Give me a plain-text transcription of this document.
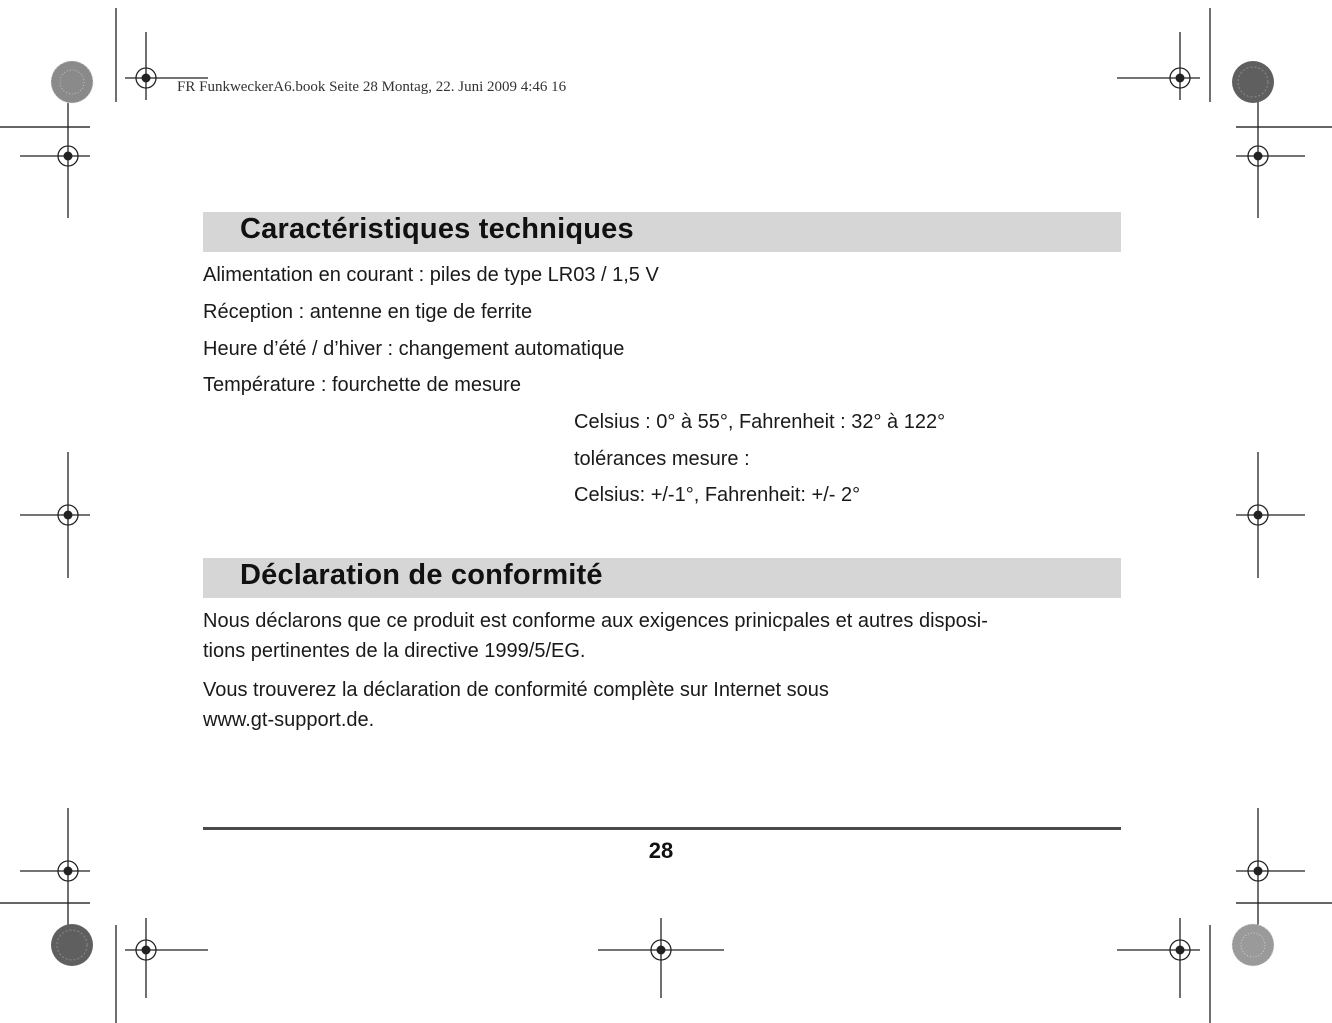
FR FunkweckerA6.book Seite 28 Montag, 22. Juni 2009 4:46 16
Caractéristiques techniques
Alimentation en courant : piles de type LR03 / 1,5 V
Réception : antenne en tige de ferrite
Heure d’été / d’hiver : changement automatique
Température : fourchette de mesure
Celsius : 0° à 55°, Fahrenheit : 32° à 122°
tolérances mesure :
Celsius: +/-1°, Fahrenheit: +/- 2°
Déclaration de conformité
Nous déclarons que ce produit est conforme aux exigences prinicpales et autres disposi-
tions pertinentes de la directive 1999/5/EG.
Vous trouverez la déclaration de conformité complète sur Internet sous
www.gt-support.de.
28
